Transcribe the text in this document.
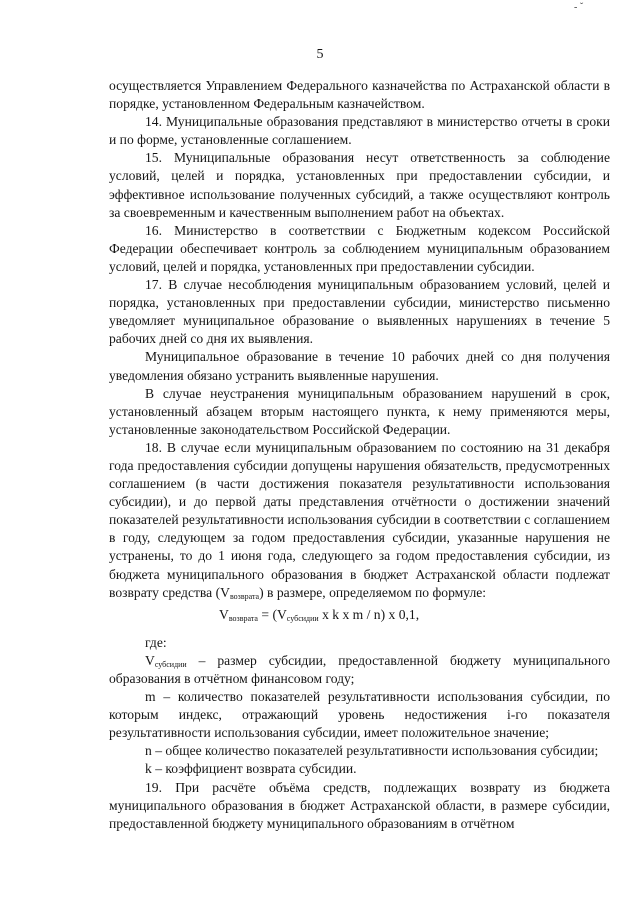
- ˇ
5

осуществляется Управлением Федерального казначейства по Астраханской области в порядке, установленном Федеральным казначейством.

14. Муниципальные образования представляют в министерство отчеты в сроки и по форме, установленные соглашением.

15. Муниципальные образования несут ответственность за соблюдение условий, целей и порядка, установленных при предоставлении субсидии, и эффективное использование полученных субсидий, а также осуществляют контроль за своевременным и качественным выполнением работ на объектах.

16. Министерство в соответствии с Бюджетным кодексом Российской Федерации обеспечивает контроль за соблюдением муниципальным образованием условий, целей и порядка, установленных при предоставлении субсидии.

17. В случае несоблюдения муниципальным образованием условий, целей и порядка, установленных при предоставлении субсидии, министерство письменно уведомляет муниципальное образование о выявленных нарушениях в течение 5 рабочих дней со дня их выявления.

Муниципальное образование в течение 10 рабочих дней со дня получения уведомления обязано устранить выявленные нарушения.

В случае неустранения муниципальным образованием нарушений в срок, установленный абзацем вторым настоящего пункта, к нему применяются меры, установленные законодательством Российской Федерации.

18. В случае если муниципальным образованием по состоянию на 31 декабря года предоставления субсидии допущены нарушения обязательств, предусмотренных соглашением (в части достижения показателя результативности использования субсидии), и до первой даты представления отчётности о достижении значений показателей результативности использования субсидии в соответствии с соглашением в году, следующем за годом предоставления субсидии, указанные нарушения не устранены, то до 1 июня года, следующего за годом предоставления субсидии, из бюджета муниципального образования в бюджет Астраханской области подлежат возврату средства $(V_{возврата})$ в размере, определяемом по формуле:

$V_{возврата} = (V_{субсидии}$ x k x m / n) x 0,1,

где:

$V_{субсидии}$ – размер субсидии, предоставленной бюджету муниципального образования в отчётном финансовом году;

m – количество показателей результативности использования субсидии, по которым индекс, отражающий уровень недостижения i-го показателя результативности использования субсидии, имеет положительное значение;

n – общее количество показателей результативности использования субсидии;

k – коэффициент возврата субсидии.

19. При расчёте объёма средств, подлежащих возврату из бюджета муниципального образования в бюджет Астраханской области, в размере субсидии, предоставленной бюджету муниципального образованиям в отчётном
